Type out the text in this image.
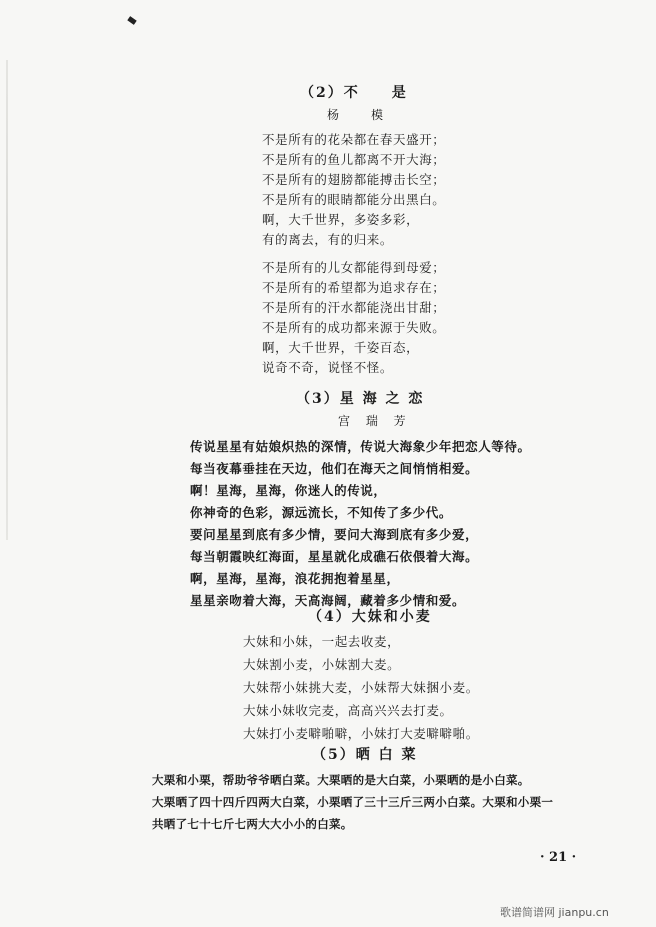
（2）不　　是
杨　模
不是所有的花朵都在春天盛开；
不是所有的鱼儿都离不开大海；
不是所有的翅膀都能搏击长空；
不是所有的眼睛都能分出黑白。
啊，大千世界，多姿多彩，
有的离去，有的归来。
不是所有的儿女都能得到母爱；
不是所有的希望都为追求存在；
不是所有的汗水都能浇出甘甜；
不是所有的成功都来源于失败。
啊，大千世界，千姿百态，
说奇不奇，说怪不怪。
（3）星 海 之 恋
宫 瑞 芳
传说星星有姑娘炽热的深情，传说大海象少年把恋人等待。
每当夜幕垂挂在天边，他们在海天之间悄悄相爱。
啊！星海，星海，你迷人的传说，
你神奇的色彩，源远流长，不知传了多少代。
要问星星到底有多少情，要问大海到底有多少爱，
每当朝霞映红海面，星星就化成礁石依偎着大海。
啊，星海，星海，浪花拥抱着星星，
星星亲吻着大海，天高海阔，藏着多少情和爱。
（4）大妹和小麦
大妹和小妹，一起去收麦，
大妹割小麦，小妹割大麦。
大妹帮小妹挑大麦，小妹帮大妹捆小麦。
大妹小妹收完麦，高高兴兴去打麦。
大妹打小麦噼啪噼，小妹打大麦噼噼啪。
（5）晒 白 菜
大栗和小栗，帮助爷爷晒白菜。大栗晒的是大白菜，小栗晒的是小白菜。
大栗晒了四十四斤四两大白菜，小栗晒了三十三斤三两小白菜。大栗和小栗一
共晒了七十七斤七两大大小小的白菜。
· 21 ·
歌谱简谱网 jianpu.cn
